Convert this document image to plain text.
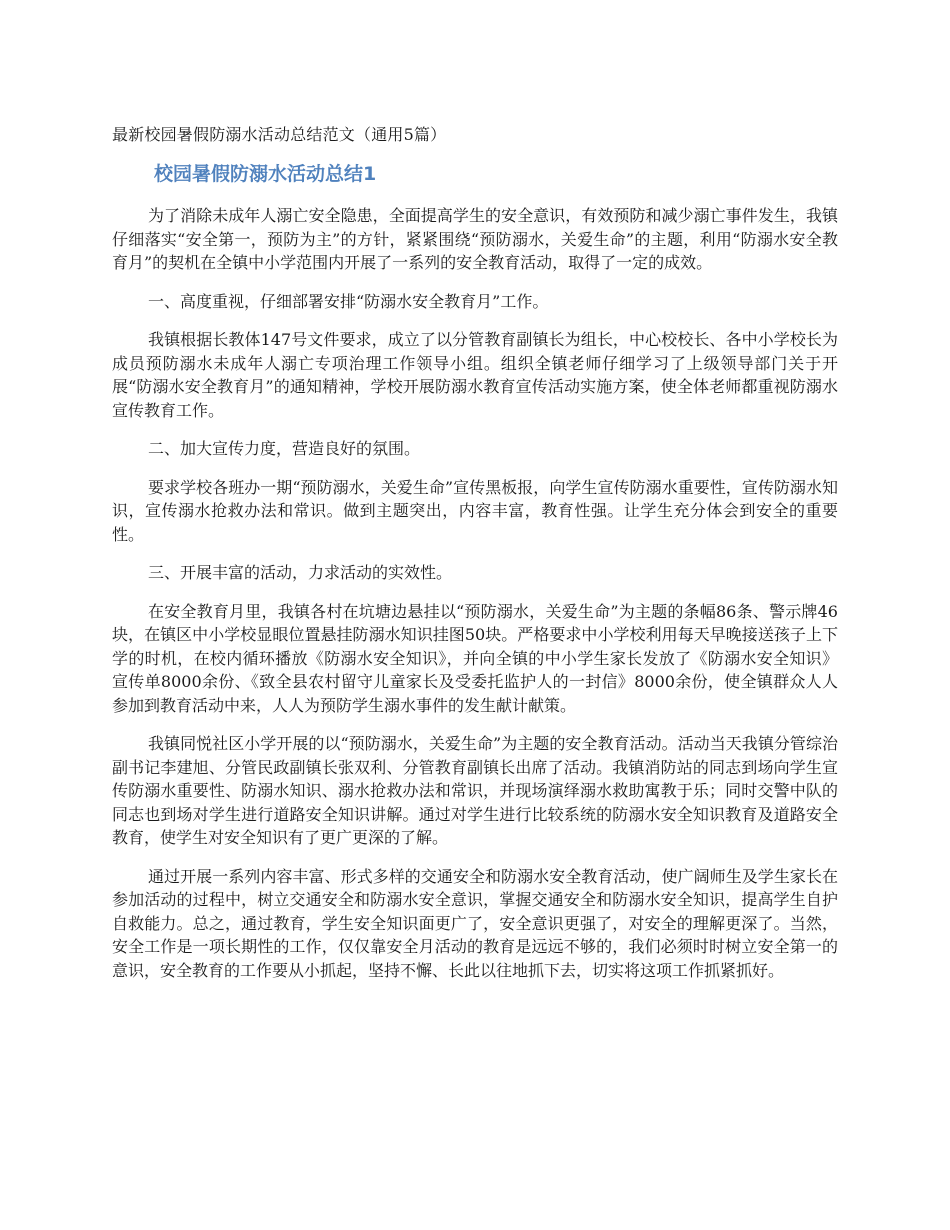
最新校园暑假防溺水活动总结范文（通用5篇）
校园暑假防溺水活动总结1

为了消除未成年人溺亡安全隐患，全面提高学生的安全意识，有效预防和减少溺亡事件发生，我镇仔细落实“安全第一，预防为主”的方针，紧紧围绕“预防溺水，关爱生命”的主题，利用“防溺水安全教育月”的契机在全镇中小学范围内开展了一系列的安全教育活动，取得了一定的成效。

一、高度重视，仔细部署安排“防溺水安全教育月”工作。

我镇根据长教体147号文件要求，成立了以分管教育副镇长为组长，中心校校长、各中小学校长为成员预防溺水未成年人溺亡专项治理工作领导小组。组织全镇老师仔细学习了上级领导部门关于开展“防溺水安全教育月”的通知精神，学校开展防溺水教育宣传活动实施方案，使全体老师都重视防溺水宣传教育工作。

二、加大宣传力度，营造良好的氛围。

要求学校各班办一期“预防溺水，关爱生命”宣传黑板报，向学生宣传防溺水重要性，宣传防溺水知识，宣传溺水抢救办法和常识。做到主题突出，内容丰富，教育性强。让学生充分体会到安全的重要性。

三、开展丰富的活动，力求活动的实效性。

在安全教育月里，我镇各村在坑塘边悬挂以“预防溺水，关爱生命”为主题的条幅86条、警示牌46块，在镇区中小学校显眼位置悬挂防溺水知识挂图50块。严格要求中小学校利用每天早晚接送孩子上下学的时机，在校内循环播放《防溺水安全知识》，并向全镇的中小学生家长发放了《防溺水安全知识》宣传单8000余份、《致全县农村留守儿童家长及受委托监护人的一封信》8000余份，使全镇群众人人参加到教育活动中来，人人为预防学生溺水事件的发生献计献策。

我镇同悦社区小学开展的以“预防溺水，关爱生命”为主题的安全教育活动。活动当天我镇分管综治副书记李建旭、分管民政副镇长张双利、分管教育副镇长出席了活动。我镇消防站的同志到场向学生宣传防溺水重要性、防溺水知识、溺水抢救办法和常识，并现场演绎溺水救助寓教于乐；同时交警中队的同志也到场对学生进行道路安全知识讲解。通过对学生进行比较系统的防溺水安全知识教育及道路安全教育，使学生对安全知识有了更广更深的了解。

通过开展一系列内容丰富、形式多样的交通安全和防溺水安全教育活动，使广阔师生及学生家长在参加活动的过程中，树立交通安全和防溺水安全意识，掌握交通安全和防溺水安全知识，提高学生自护自救能力。总之，通过教育，学生安全知识面更广了，安全意识更强了，对安全的理解更深了。当然，安全工作是一项长期性的工作，仅仅靠安全月活动的教育是远远不够的，我们必须时时树立安全第一的意识，安全教育的工作要从小抓起，坚持不懈、长此以往地抓下去，切实将这项工作抓紧抓好。
